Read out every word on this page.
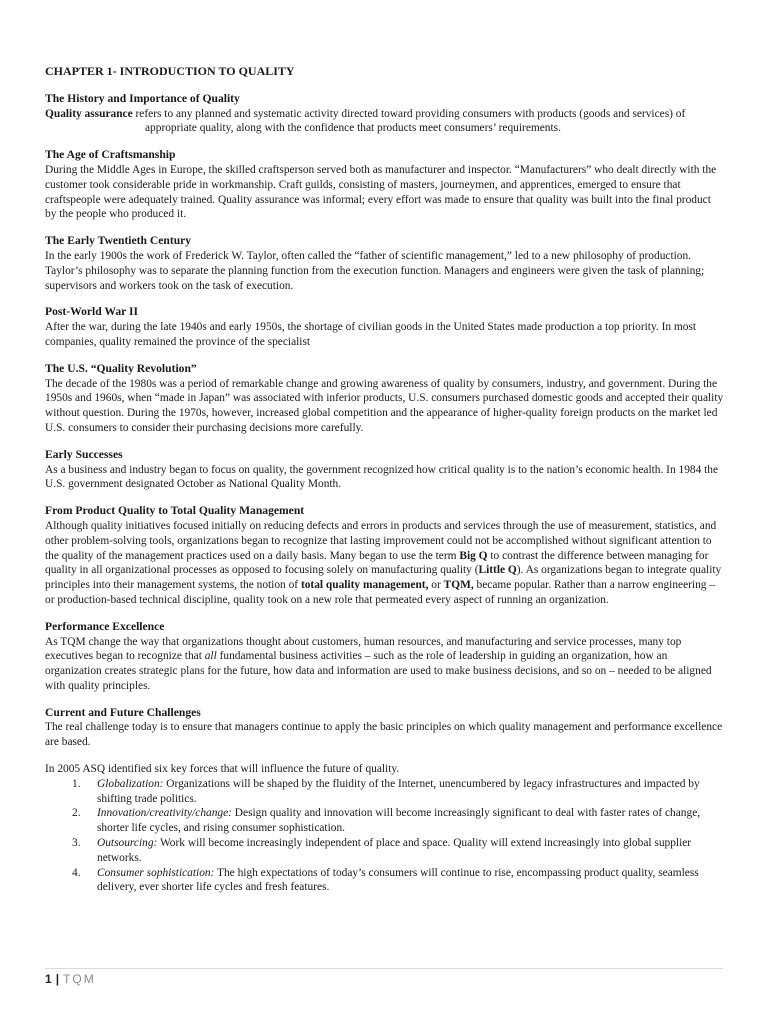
CHAPTER 1- INTRODUCTION TO QUALITY

The History and Importance of Quality

Quality assurance refers to any planned and systematic activity directed toward providing consumers with products (goods and services) of appropriate quality, along with the confidence that products meet consumers’ requirements.

The Age of Craftsmanship

During the Middle Ages in Europe, the skilled craftsperson served both as manufacturer and inspector. “Manufacturers” who dealt directly with the customer took considerable pride in workmanship. Craft guilds, consisting of masters, journeymen, and apprentices, emerged to ensure that craftspeople were adequately trained. Quality assurance was informal; every effort was made to ensure that quality was built into the final product by the people who produced it.

The Early Twentieth Century

In the early 1900s the work of Frederick W. Taylor, often called the “father of scientific management,” led to a new philosophy of production. Taylor’s philosophy was to separate the planning function from the execution function. Managers and engineers were given the task of planning; supervisors and workers took on the task of execution.

Post-World War II

After the war, during the late 1940s and early 1950s, the shortage of civilian goods in the United States made production a top priority. In most companies, quality remained the province of the specialist

The U.S. “Quality Revolution”

The decade of the 1980s was a period of remarkable change and growing awareness of quality by consumers, industry, and government. During the 1950s and 1960s, when “made in Japan” was associated with inferior products, U.S. consumers purchased domestic goods and accepted their quality without question. During the 1970s, however, increased global competition and the appearance of higher-quality foreign products on the market led U.S. consumers to consider their purchasing decisions more carefully.

Early Successes

As a business and industry began to focus on quality, the government recognized how critical quality is to the nation’s economic health. In 1984 the U.S. government designated October as National Quality Month.

From Product Quality to Total Quality Management

Although quality initiatives focused initially on reducing defects and errors in products and services through the use of measurement, statistics, and other problem-solving tools, organizations began to recognize that lasting improvement could not be accomplished without significant attention to the quality of the management practices used on a daily basis. Many began to use the term Big Q to contrast the difference between managing for quality in all organizational processes as opposed to focusing solely on manufacturing quality (Little Q). As organizations began to integrate quality principles into their management systems, the notion of total quality management, or TQM, became popular. Rather than a narrow engineering – or production-based technical discipline, quality took on a new role that permeated every aspect of running an organization.

Performance Excellence

As TQM change the way that organizations thought about customers, human resources, and manufacturing and service processes, many top executives began to recognize that all fundamental business activities – such as the role of leadership in guiding an organization, how an organization creates strategic plans for the future, how data and information are used to make business decisions, and so on – needed to be aligned with quality principles.

Current and Future Challenges

The real challenge today is to ensure that managers continue to apply the basic principles on which quality management and performance excellence are based.

In 2005 ASQ identified six key forces that will influence the future of quality.

1. Globalization: Organizations will be shaped by the fluidity of the Internet, unencumbered by legacy infrastructures and impacted by shifting trade politics.
2. Innovation/creativity/change: Design quality and innovation will become increasingly significant to deal with faster rates of change, shorter life cycles, and rising consumer sophistication.
3. Outsourcing: Work will become increasingly independent of place and space. Quality will extend increasingly into global supplier networks.
4. Consumer sophistication: The high expectations of today’s consumers will continue to rise, encompassing product quality, seamless delivery, ever shorter life cycles and fresh features.
1 | TQM
